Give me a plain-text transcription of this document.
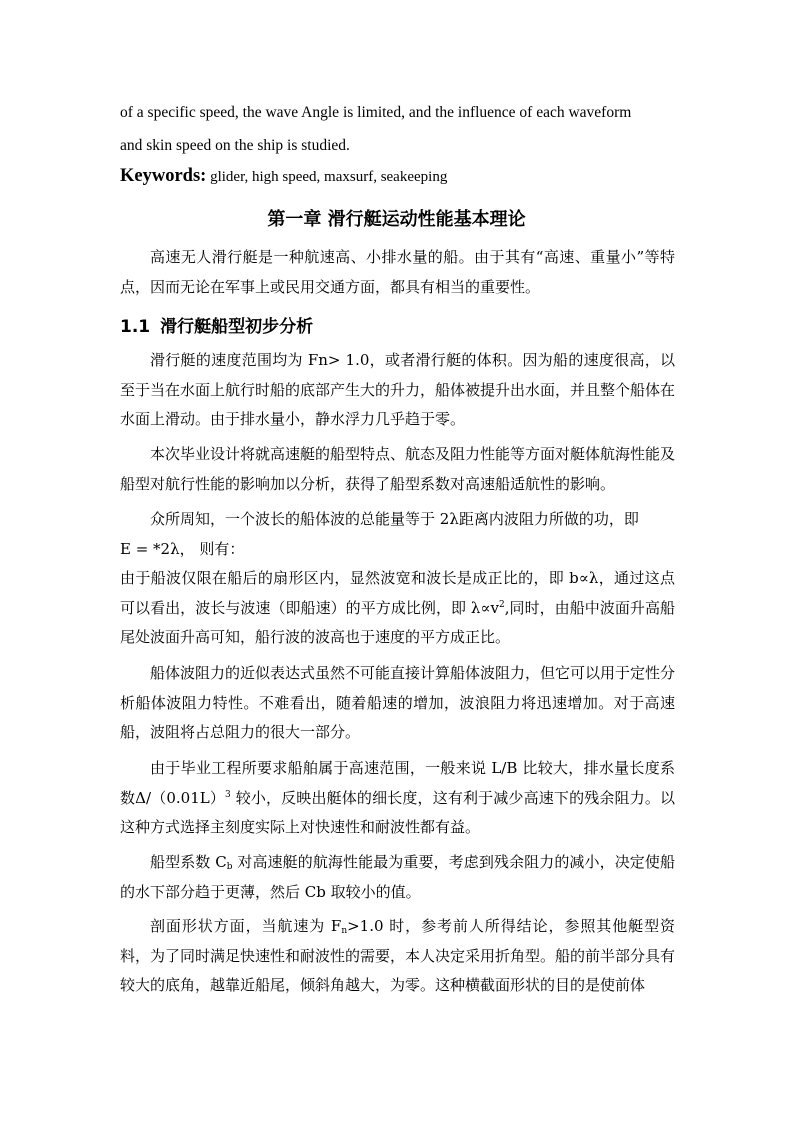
of a specific speed, the wave Angle is limited, and the influence of each waveform
and skin speed on the ship is studied.
Keywords: glider, high speed, maxsurf, seakeeping
第一章 滑行艇运动性能基本理论
高速无人滑行艇是一种航速高、小排水量的船。由于其有“高速、重量小”等特点，因而无论在军事上或民用交通方面，都具有相当的重要性。
1.1 滑行艇船型初步分析
滑行艇的速度范围均为 Fn> 1.0，或者滑行艇的体积。因为船的速度很高，以至于当在水面上航行时船的底部产生大的升力，船体被提升出水面，并且整个船体在水面上滑动。由于排水量小，静水浮力几乎趋于零。
本次毕业设计将就高速艇的船型特点、航态及阻力性能等方面对艇体航海性能及船型对航行性能的影响加以分析，获得了船型系数对高速船适航性的影响。
众所周知，一个波长的船体波的总能量等于 2λ距离内波阻力所做的功，即
E = *2λ， 则有：
由于船波仅限在船后的扇形区内，显然波宽和波长是成正比的，即 b∝λ，通过这点可以看出，波长与波速（即船速）的平方成比例，即 $\lambda\propto v^2$,同时，由船中波面升高船尾处波面升高可知，船行波的波高也于速度的平方成正比。
船体波阻力的近似表达式虽然不可能直接计算船体波阻力，但它可以用于定性分析船体波阻力特性。不难看出，随着船速的增加，波浪阻力将迅速增加。对于高速船，波阻将占总阻力的很大一部分。
由于毕业工程所要求船舶属于高速范围，一般来说 L/B 比较大，排水量长度系数$\Delta/(0.01L)^3$ 较小，反映出艇体的细长度，这有利于减少高速下的残余阻力。以这种方式选择主刻度实际上对快速性和耐波性都有益。
船型系数 $C_b$ 对高速艇的航海性能最为重要，考虑到残余阻力的减小，决定使船的水下部分趋于更薄，然后 Cb 取较小的值。
剖面形状方面，当航速为 $F_n>1.0$ 时，参考前人所得结论，参照其他艇型资料，为了同时满足快速性和耐波性的需要，本人决定采用折角型。船的前半部分具有较大的底角，越靠近船尾，倾斜角越大，为零。这种横截面形状的目的是使前体
